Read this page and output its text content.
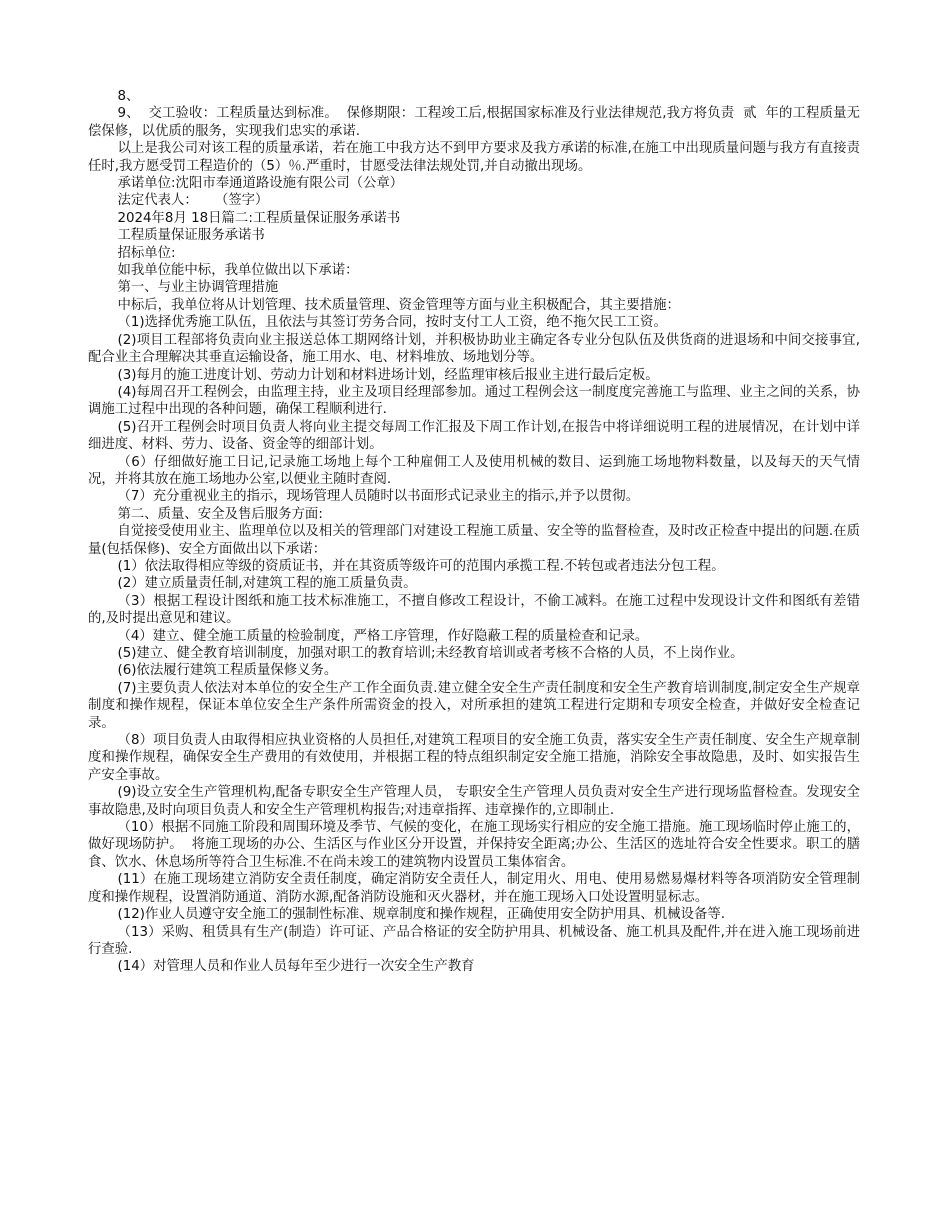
8、

9、  交工验收：工程质量达到标准。  保修期限：工程竣工后,根据国家标准及行业法律规范,我方将负责  贰  年的工程质量无偿保修，以优质的服务，实现我们忠实的承诺.

以上是我公司对该工程的质量承诺，若在施工中我方达不到甲方要求及我方承诺的标准,在施工中出现质量问题与我方有直接责任时,我方愿受罚工程造价的（5）％.严重时，甘愿受法律法规处罚,并自动撤出现场。

承诺单位:沈阳市奉通道路设施有限公司（公章）

法定代表人：    （签字）

2024年8月 18日篇二:工程质量保证服务承诺书

工程质量保证服务承诺书

招标单位:

如我单位能中标，我单位做出以下承诺：

第一、与业主协调管理措施

中标后，我单位将从计划管理、技术质量管理、资金管理等方面与业主积极配合，其主要措施：

（1)选择优秀施工队伍，且依法与其签订劳务合同，按时支付工人工资，绝不拖欠民工工资。

(2)项目工程部将负责向业主报送总体工期网络计划，并积极协助业主确定各专业分包队伍及供货商的进退场和中间交接事宜,配合业主合理解决其垂直运输设备，施工用水、电、材料堆放、场地划分等。

(3)每月的施工进度计划、劳动力计划和材料进场计划，经监理审核后报业主进行最后定板。

(4)每周召开工程例会，由监理主持，业主及项目经理部参加。通过工程例会这一制度度完善施工与监理、业主之间的关系，协调施工过程中出现的各种问题，确保工程顺利进行.

(5)召开工程例会时项目负责人将向业主提交每周工作汇报及下周工作计划,在报告中将详细说明工程的进展情况，在计划中详细进度、材料、劳力、设备、资金等的细部计划。

（6）仔细做好施工日记,记录施工场地上每个工种雇佣工人及使用机械的数目、运到施工场地物料数量，以及每天的天气情况，并将其放在施工场地办公室,以便业主随时查阅.

（7）充分重视业主的指示，现场管理人员随时以书面形式记录业主的指示,并予以贯彻。

第二、质量、安全及售后服务方面:

自觉接受使用业主、监理单位以及相关的管理部门对建设工程施工质量、安全等的监督检查，及时改正检查中提出的问题.在质量(包括保修)、安全方面做出以下承诺：

(1）依法取得相应等级的资质证书，并在其资质等级许可的范围内承揽工程.不转包或者违法分包工程。

(2）建立质量责任制,对建筑工程的施工质量负责。

（3）根据工程设计图纸和施工技术标准施工，不擅自修改工程设计，不偷工减料。在施工过程中发现设计文件和图纸有差错的,及时提出意见和建议。

（4）建立、健全施工质量的检验制度，严格工序管理，作好隐蔽工程的质量检查和记录。

(5)建立、健全教育培训制度，加强对职工的教育培训;未经教育培训或者考核不合格的人员，不上岗作业。

(6)依法履行建筑工程质量保修义务。

(7)主要负责人依法对本单位的安全生产工作全面负责.建立健全安全生产责任制度和安全生产教育培训制度,制定安全生产规章制度和操作规程，保证本单位安全生产条件所需资金的投入，对所承担的建筑工程进行定期和专项安全检查，并做好安全检查记录。

（8）项目负责人由取得相应执业资格的人员担任,对建筑工程项目的安全施工负责，落实安全生产责任制度、安全生产规章制度和操作规程，确保安全生产费用的有效使用，并根据工程的特点组织制定安全施工措施，消除安全事故隐患，及时、如实报告生产安全事故。

(9)设立安全生产管理机构,配备专职安全生产管理人员， 专职安全生产管理人员负责对安全生产进行现场监督检查。发现安全事故隐患,及时向项目负责人和安全生产管理机构报告;对违章指挥、违章操作的,立即制止.

（10）根据不同施工阶段和周围环境及季节、气候的变化，在施工现场实行相应的安全施工措施。施工现场临时停止施工的，做好现场防护。  将施工现场的办公、生活区与作业区分开设置，并保持安全距离;办公、生活区的选址符合安全性要求。职工的膳食、饮水、休息场所等符合卫生标准.不在尚未竣工的建筑物内设置员工集体宿舍。

(11）在施工现场建立消防安全责任制度，确定消防安全责任人，制定用火、用电、使用易燃易爆材料等各项消防安全管理制度和操作规程，设置消防通道、消防水源,配备消防设施和灭火器材，并在施工现场入口处设置明显标志。

(12)作业人员遵守安全施工的强制性标准、规章制度和操作规程，正确使用安全防护用具、机械设备等.

（13）采购、租赁具有生产(制造）许可证、产品合格证的安全防护用具、机械设备、施工机具及配件,并在进入施工现场前进行查验.

(14）对管理人员和作业人员每年至少进行一次安全生产教育
